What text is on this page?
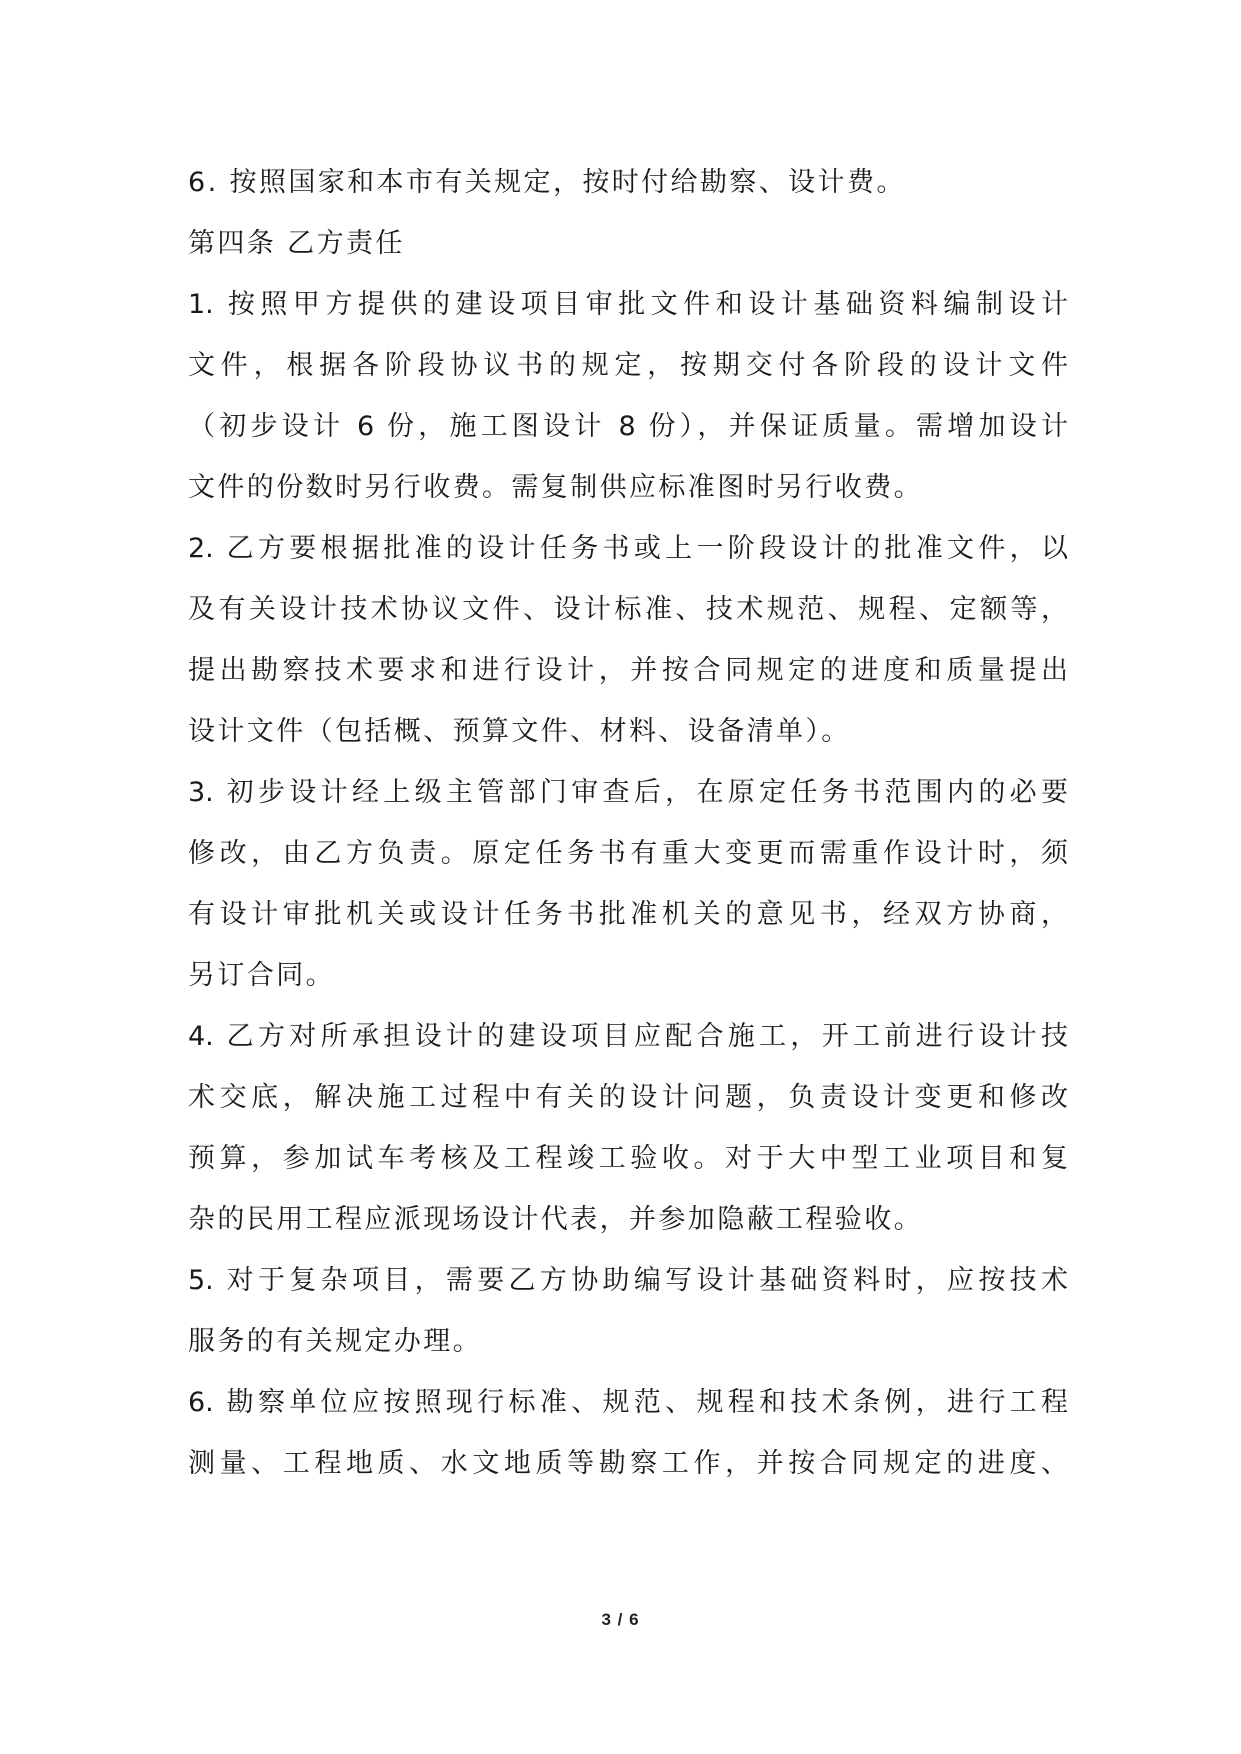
6. 按照国家和本市有关规定，按时付给勘察、设计费。
第四条 乙方责任
1. 按照甲方提供的建设项目审批文件和设计基础资料编制设计
文件，根据各阶段协议书的规定，按期交付各阶段的设计文件
（初步设计 6 份，施工图设计 8 份），并保证质量。需增加设计
文件的份数时另行收费。需复制供应标准图时另行收费。
2. 乙方要根据批准的设计任务书或上一阶段设计的批准文件，以
及有关设计技术协议文件、设计标准、技术规范、规程、定额等，
提出勘察技术要求和进行设计，并按合同规定的进度和质量提出
设计文件（包括概、预算文件、材料、设备清单）。
3. 初步设计经上级主管部门审查后，在原定任务书范围内的必要
修改，由乙方负责。原定任务书有重大变更而需重作设计时，须
有设计审批机关或设计任务书批准机关的意见书，经双方协商，
另订合同。
4. 乙方对所承担设计的建设项目应配合施工，开工前进行设计技
术交底，解决施工过程中有关的设计问题，负责设计变更和修改
预算，参加试车考核及工程竣工验收。对于大中型工业项目和复
杂的民用工程应派现场设计代表，并参加隐蔽工程验收。
5. 对于复杂项目，需要乙方协助编写设计基础资料时，应按技术
服务的有关规定办理。
6. 勘察单位应按照现行标准、规范、规程和技术条例，进行工程
测量、工程地质、水文地质等勘察工作，并按合同规定的进度、
3 / 6
